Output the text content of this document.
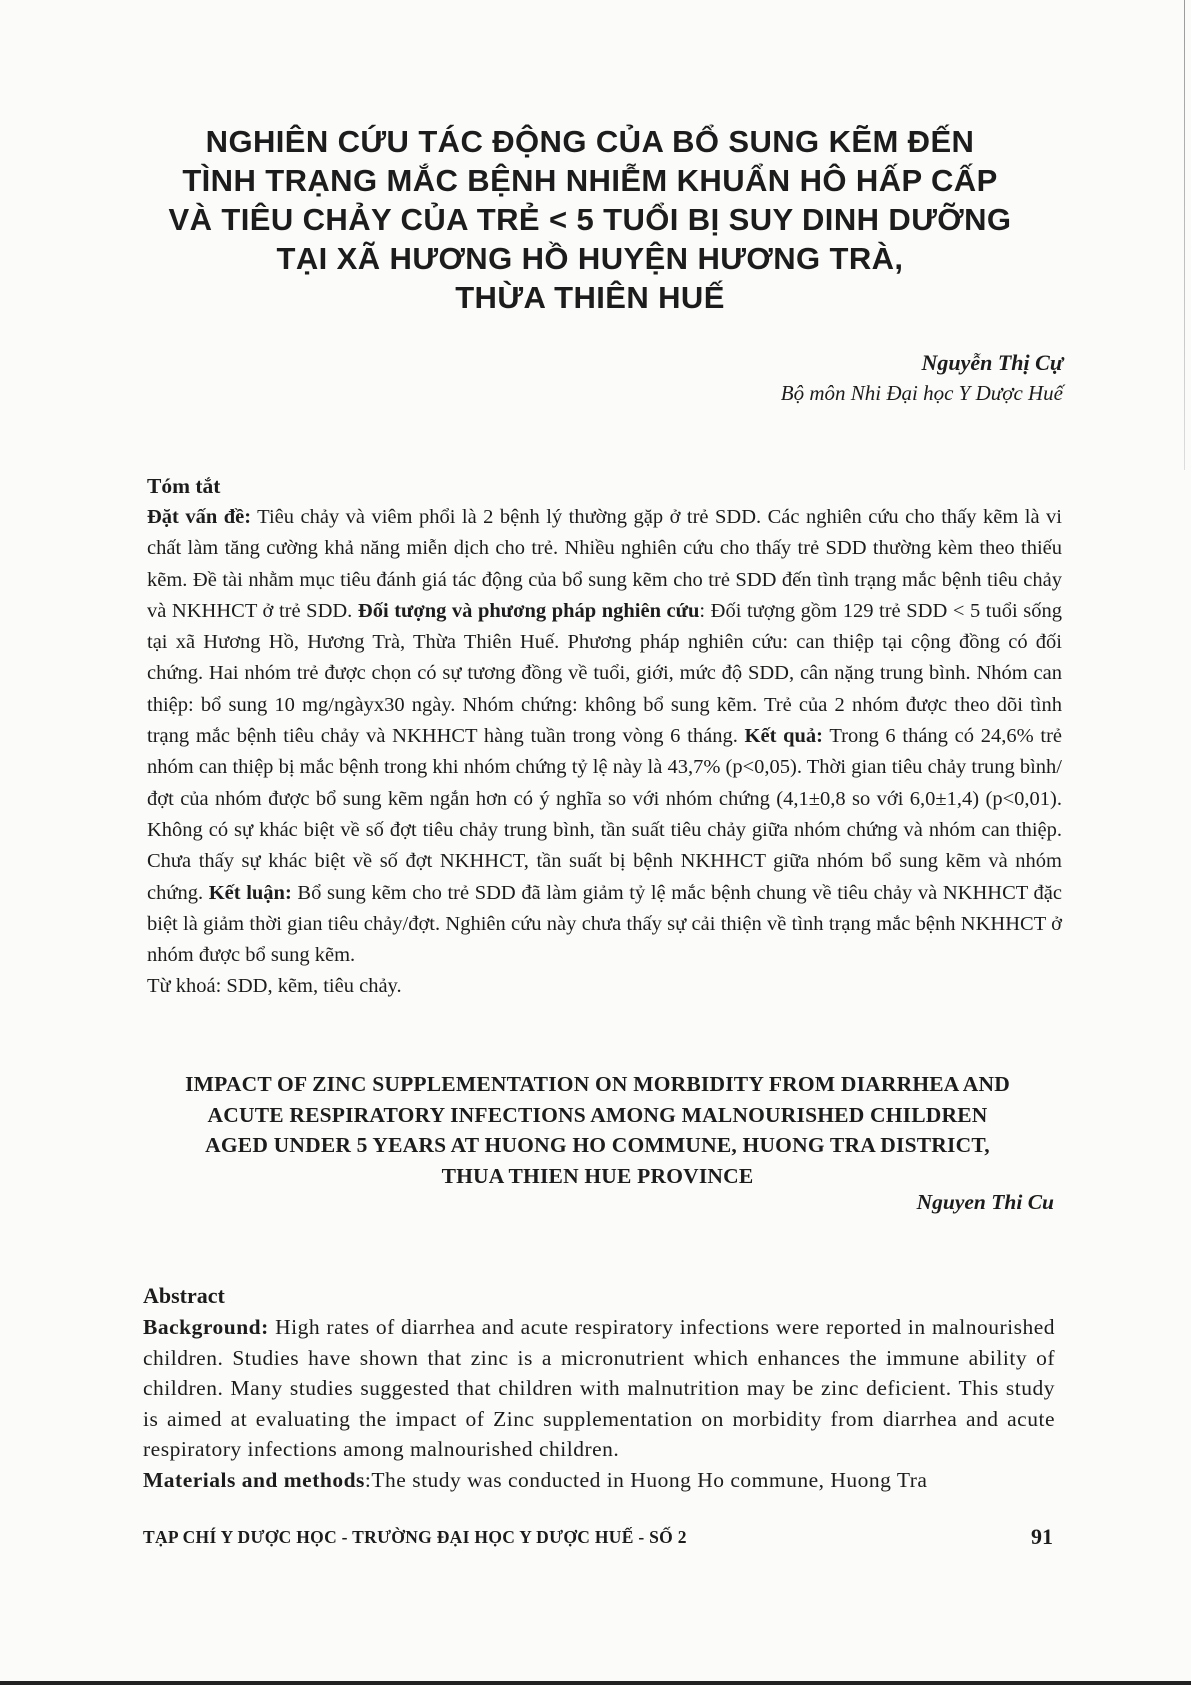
NGHIÊN CỨU TÁC ĐỘNG CỦA BỔ SUNG KẼM ĐẾN
TÌNH TRẠNG MẮC BỆNH NHIỄM KHUẨN HÔ HẤP CẤP
VÀ TIÊU CHẢY CỦA TRẺ < 5 TUỔI BỊ SUY DINH DƯỠNG
TẠI XÃ HƯƠNG HỒ HUYỆN HƯƠNG TRÀ,
THỪA THIÊN HUẾ
Nguyễn Thị Cự
Bộ môn Nhi Đại học Y Dược Huế
Tóm tắt

Đặt vấn đề: Tiêu chảy và viêm phổi là 2 bệnh lý thường gặp ở trẻ SDD. Các nghiên cứu cho thấy kẽm là vi chất làm tăng cường khả năng miễn dịch cho trẻ. Nhiều nghiên cứu cho thấy trẻ SDD thường kèm theo thiếu kẽm. Đề tài nhằm mục tiêu đánh giá tác động của bổ sung kẽm cho trẻ SDD đến tình trạng mắc bệnh tiêu chảy và NKHHCT ở trẻ SDD. Đối tượng và phương pháp nghiên cứu: Đối tượng gồm 129 trẻ SDD < 5 tuổi sống tại xã Hương Hồ, Hương Trà, Thừa Thiên Huế. Phương pháp nghiên cứu: can thiệp tại cộng đồng có đối chứng. Hai nhóm trẻ được chọn có sự tương đồng về tuổi, giới, mức độ SDD, cân nặng trung bình. Nhóm can thiệp: bổ sung 10 mg/ngàyx30 ngày. Nhóm chứng: không bổ sung kẽm. Trẻ của 2 nhóm được theo dõi tình trạng mắc bệnh tiêu chảy và NKHHCT hàng tuần trong vòng 6 tháng. Kết quả: Trong 6 tháng có 24,6% trẻ nhóm can thiệp bị mắc bệnh trong khi nhóm chứng tỷ lệ này là 43,7% (p<0,05). Thời gian tiêu chảy trung bình/ đợt của nhóm được bổ sung kẽm ngắn hơn có ý nghĩa so với nhóm chứng (4,1±0,8 so với 6,0±1,4) (p<0,01). Không có sự khác biệt về số đợt tiêu chảy trung bình, tần suất tiêu chảy giữa nhóm chứng và nhóm can thiệp. Chưa thấy sự khác biệt về số đợt NKHHCT, tần suất bị bệnh NKHHCT giữa nhóm bổ sung kẽm và nhóm chứng. Kết luận: Bổ sung kẽm cho trẻ SDD đã làm giảm tỷ lệ mắc bệnh chung về tiêu chảy và NKHHCT đặc biệt là giảm thời gian tiêu chảy/đợt. Nghiên cứu này chưa thấy sự cải thiện về tình trạng mắc bệnh NKHHCT ở nhóm được bổ sung kẽm.

Từ khoá: SDD, kẽm, tiêu chảy.

IMPACT OF ZINC SUPPLEMENTATION ON MORBIDITY FROM DIARRHEA AND
ACUTE RESPIRATORY INFECTIONS AMONG MALNOURISHED CHILDREN
AGED UNDER 5 YEARS AT HUONG HO COMMUNE, HUONG TRA DISTRICT,
THUA THIEN HUE PROVINCE
Nguyen Thi Cu
Abstract

Background: High rates of diarrhea and acute respiratory infections were reported in malnourished children. Studies have shown that zinc is a micronutrient which enhances the immune ability of children. Many studies suggested that children with malnutrition may be zinc deficient. This study is aimed at evaluating the impact of Zinc supplementation on morbidity from diarrhea and acute respiratory infections among malnourished children.
Materials and methods:The study was conducted in Huong Ho commune, Huong Tra

TẠP CHÍ Y DƯỢC HỌC - TRƯỜNG ĐẠI HỌC Y DƯỢC HUẾ - SỐ 2	91
